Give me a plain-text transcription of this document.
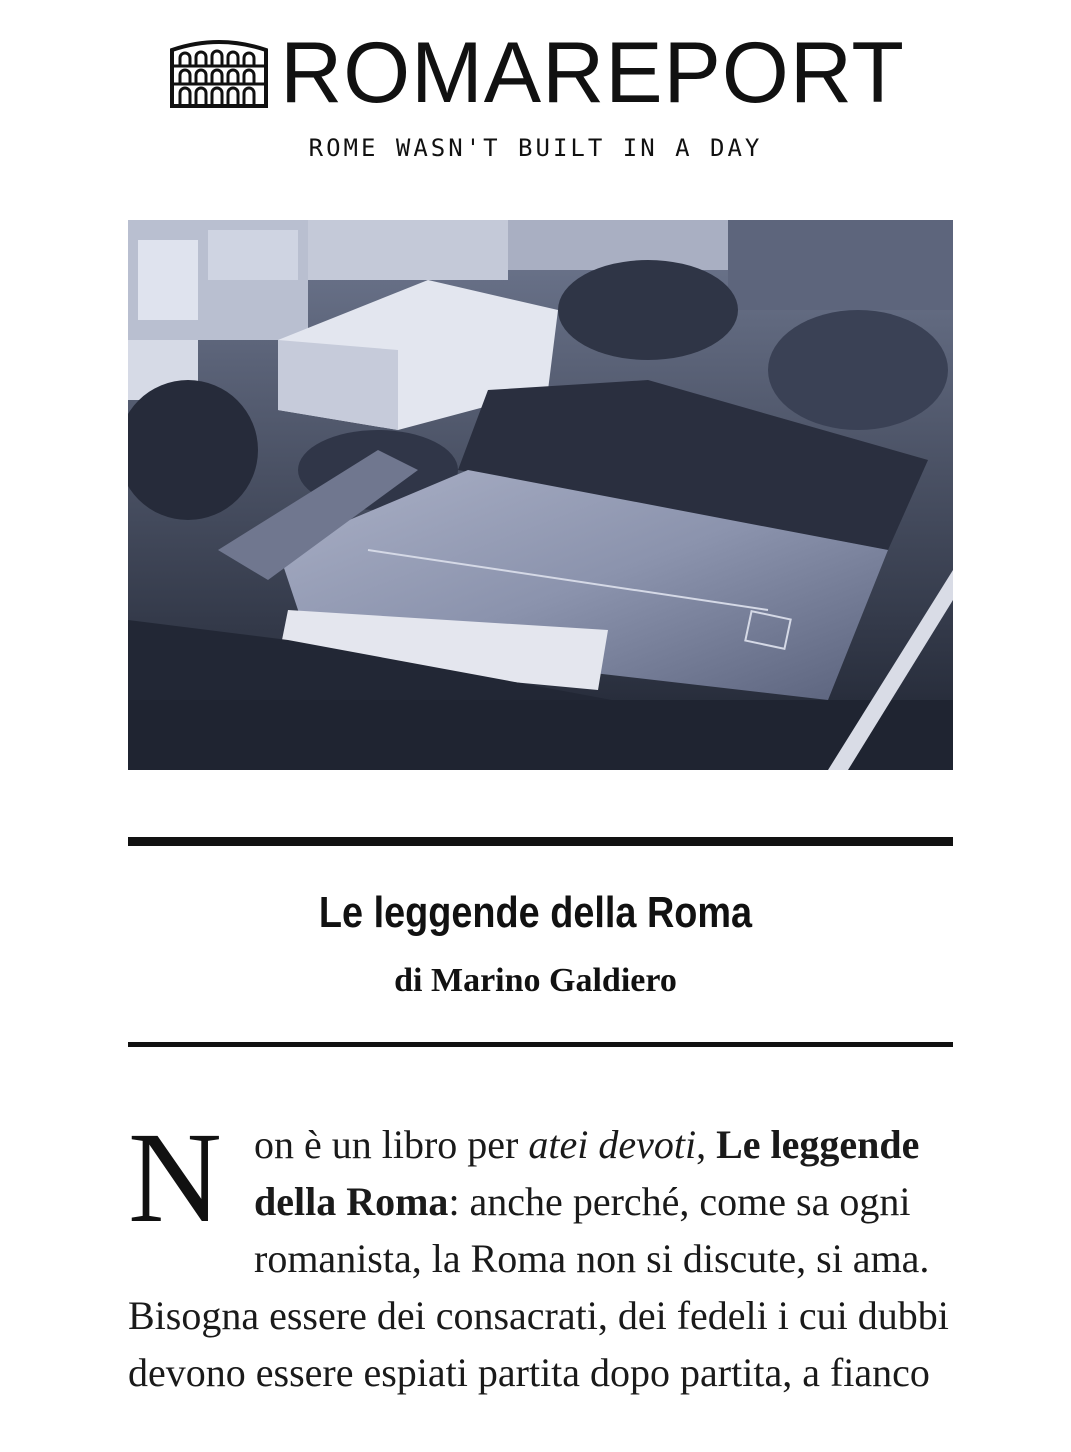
ROMAREPORT
ROME WASN'T BUILT IN A DAY
Le leggende della Roma
di Marino Galdiero
Non è un libro per atei devoti, Le leggende della Roma: anche perché, come sa ogni romanista, la Roma non si discute, si ama. Bisogna essere dei consacrati, dei fedeli i cui dubbi devono essere espiati partita dopo partita, a fianco
